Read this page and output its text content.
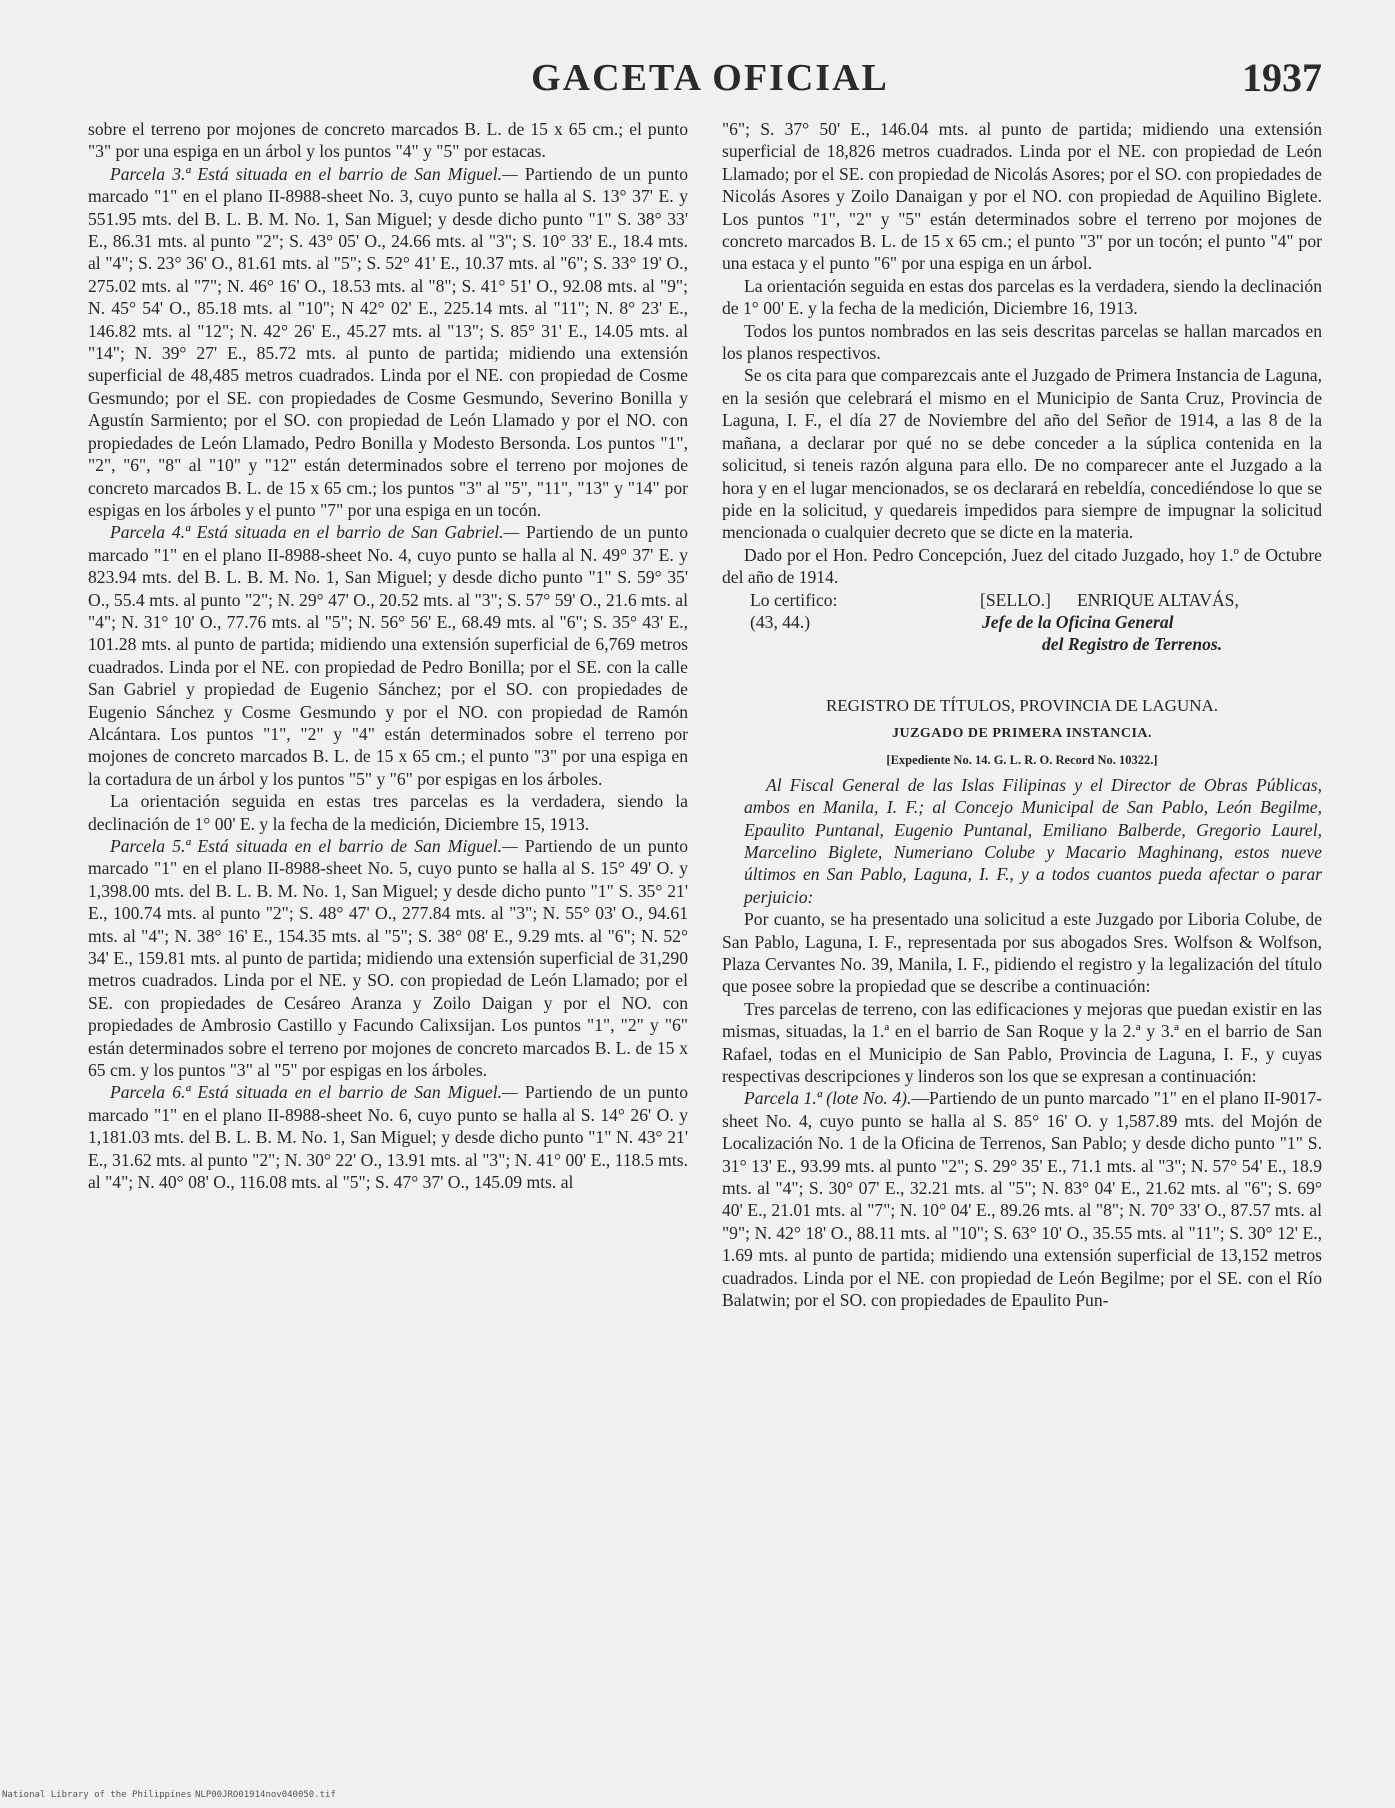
GACETA OFICIAL	1937

sobre el terreno por mojones de concreto marcados B. L. de 15 x 65 cm.; el punto "3" por una espiga en un árbol y los puntos "4" y "5" por estacas.

Parcela 3.ª Está situada en el barrio de San Miguel.— Partiendo de un punto marcado "1" en el plano II-8988-sheet No. 3, cuyo punto se halla al S. 13° 37' E. y 551.95 mts. del B. L. B. M. No. 1, San Miguel; y desde dicho punto "1" S. 38° 33' E., 86.31 mts. al punto "2"; S. 43° 05' O., 24.66 mts. al "3"; S. 10° 33' E., 18.4 mts. al "4"; S. 23° 36' O., 81.61 mts. al "5"; S. 52° 41' E., 10.37 mts. al "6"; S. 33° 19' O., 275.02 mts. al "7"; N. 46° 16' O., 18.53 mts. al "8"; S. 41° 51' O., 92.08 mts. al "9"; N. 45° 54' O., 85.18 mts. al "10"; N 42° 02' E., 225.14 mts. al "11"; N. 8° 23' E., 146.82 mts. al "12"; N. 42° 26' E., 45.27 mts. al "13"; S. 85° 31' E., 14.05 mts. al "14"; N. 39° 27' E., 85.72 mts. al punto de partida; midiendo una extensión superficial de 48,485 metros cuadrados. Linda por el NE. con propiedad de Cosme Gesmundo; por el SE. con propiedades de Cosme Gesmundo, Severino Bonilla y Agustín Sarmiento; por el SO. con propiedad de León Llamado y por el NO. con propiedades de León Llamado, Pedro Bonilla y Modesto Bersonda. Los puntos "1", "2", "6", "8" al "10" y "12" están determinados sobre el terreno por mojones de concreto marcados B. L. de 15 x 65 cm.; los puntos "3" al "5", "11", "13" y "14" por espigas en los árboles y el punto "7" por una espiga en un tocón.

Parcela 4.ª Está situada en el barrio de San Gabriel.— Partiendo de un punto marcado "1" en el plano II-8988-sheet No. 4, cuyo punto se halla al N. 49° 37' E. y 823.94 mts. del B. L. B. M. No. 1, San Miguel; y desde dicho punto "1" S. 59° 35' O., 55.4 mts. al punto "2"; N. 29° 47' O., 20.52 mts. al "3"; S. 57° 59' O., 21.6 mts. al "4"; N. 31° 10' O., 77.76 mts. al "5"; N. 56° 56' E., 68.49 mts. al "6"; S. 35° 43' E., 101.28 mts. al punto de partida; midiendo una extensión superficial de 6,769 metros cuadrados. Linda por el NE. con propiedad de Pedro Bonilla; por el SE. con la calle San Gabriel y propiedad de Eugenio Sánchez; por el SO. con propiedades de Eugenio Sánchez y Cosme Gesmundo y por el NO. con propiedad de Ramón Alcántara. Los puntos "1", "2" y "4" están determinados sobre el terreno por mojones de concreto marcados B. L. de 15 x 65 cm.; el punto "3" por una espiga en la cortadura de un árbol y los puntos "5" y "6" por espigas en los árboles.

La orientación seguida en estas tres parcelas es la verdadera, siendo la declinación de 1° 00' E. y la fecha de la medición, Diciembre 15, 1913.

Parcela 5.ª Está situada en el barrio de San Miguel.— Partiendo de un punto marcado "1" en el plano II-8988-sheet No. 5, cuyo punto se halla al S. 15° 49' O. y 1,398.00 mts. del B. L. B. M. No. 1, San Miguel; y desde dicho punto "1" S. 35° 21' E., 100.74 mts. al punto "2"; S. 48° 47' O., 277.84 mts. al "3"; N. 55° 03' O., 94.61 mts. al "4"; N. 38° 16' E., 154.35 mts. al "5"; S. 38° 08' E., 9.29 mts. al "6"; N. 52° 34' E., 159.81 mts. al punto de partida; midiendo una extensión superficial de 31,290 metros cuadrados. Linda por el NE. y SO. con propiedad de León Llamado; por el SE. con propiedades de Cesáreo Aranza y Zoilo Daigan y por el NO. con propiedades de Ambrosio Castillo y Facundo Calixsijan. Los puntos "1", "2" y "6" están determinados sobre el terreno por mojones de concreto marcados B. L. de 15 x 65 cm. y los puntos "3" al "5" por espigas en los árboles.

Parcela 6.ª Está situada en el barrio de San Miguel.— Partiendo de un punto marcado "1" en el plano II-8988-sheet No. 6, cuyo punto se halla al S. 14° 26' O. y 1,181.03 mts. del B. L. B. M. No. 1, San Miguel; y desde dicho punto "1" N. 43° 21' E., 31.62 mts. al punto "2"; N. 30° 22' O., 13.91 mts. al "3"; N. 41° 00' E., 118.5 mts. al "4"; N. 40° 08' O., 116.08 mts. al "5"; S. 47° 37' O., 145.09 mts. al

"6"; S. 37° 50' E., 146.04 mts. al punto de partida; midiendo una extensión superficial de 18,826 metros cuadrados. Linda por el NE. con propiedad de León Llamado; por el SE. con propiedad de Nicolás Asores; por el SO. con propiedades de Nicolás Asores y Zoilo Danaigan y por el NO. con propiedad de Aquilino Biglete. Los puntos "1", "2" y "5" están determinados sobre el terreno por mojones de concreto marcados B. L. de 15 x 65 cm.; el punto "3" por un tocón; el punto "4" por una estaca y el punto "6" por una espiga en un árbol.

La orientación seguida en estas dos parcelas es la verdadera, siendo la declinación de 1° 00' E. y la fecha de la medición, Diciembre 16, 1913.

Todos los puntos nombrados en las seis descritas parcelas se hallan marcados en los planos respectivos.

Se os cita para que comparezcais ante el Juzgado de Primera Instancia de Laguna, en la sesión que celebrará el mismo en el Municipio de Santa Cruz, Provincia de Laguna, I. F., el día 27 de Noviembre del año del Señor de 1914, a las 8 de la mañana, a declarar por qué no se debe conceder a la súplica contenida en la solicitud, si teneis razón alguna para ello. De no comparecer ante el Juzgado a la hora y en el lugar mencionados, se os declarará en rebeldía, concediéndose lo que se pide en la solicitud, y quedareis impedidos para siempre de impugnar la solicitud mencionada o cualquier decreto que se dicte en la materia.

Dado por el Hon. Pedro Concepción, Juez del citado Juzgado, hoy 1.º de Octubre del año de 1914.

Lo certifico:	[SELLO.] ENRIQUE ALTAVÁS,
(43, 44.)	Jefe de la Oficina General
del Registro de Terrenos.
REGISTRO DE TÍTULOS, PROVINCIA DE LAGUNA.
JUZGADO DE PRIMERA INSTANCIA.
[Expediente No. 14. G. L. R. O. Record No. 10322.]

Al Fiscal General de las Islas Filipinas y el Director de Obras Públicas, ambos en Manila, I. F.; al Concejo Municipal de San Pablo, León Begilme, Epaulito Puntanal, Eugenio Puntanal, Emiliano Balberde, Gregorio Laurel, Marcelino Biglete, Numeriano Colube y Macario Maghinang, estos nueve últimos en San Pablo, Laguna, I. F., y a todos cuantos pueda afectar o parar perjuicio:

Por cuanto, se ha presentado una solicitud a este Juzgado por Liboria Colube, de San Pablo, Laguna, I. F., representada por sus abogados Sres. Wolfson & Wolfson, Plaza Cervantes No. 39, Manila, I. F., pidiendo el registro y la legalización del título que posee sobre la propiedad que se describe a continuación:

Tres parcelas de terreno, con las edificaciones y mejoras que puedan existir en las mismas, situadas, la 1.ª en el barrio de San Roque y la 2.ª y 3.ª en el barrio de San Rafael, todas en el Municipio de San Pablo, Provincia de Laguna, I. F., y cuyas respectivas descripciones y linderos son los que se expresan a continuación:

Parcela 1.ª (lote No. 4).—Partiendo de un punto marcado "1" en el plano II-9017-sheet No. 4, cuyo punto se halla al S. 85° 16' O. y 1,587.89 mts. del Mojón de Localización No. 1 de la Oficina de Terrenos, San Pablo; y desde dicho punto "1" S. 31° 13' E., 93.99 mts. al punto "2"; S. 29° 35' E., 71.1 mts. al "3"; N. 57° 54' E., 18.9 mts. al "4"; S. 30° 07' E., 32.21 mts. al "5"; N. 83° 04' E., 21.62 mts. al "6"; S. 69° 40' E., 21.01 mts. al "7"; N. 10° 04' E., 89.26 mts. al "8"; N. 70° 33' O., 87.57 mts. al "9"; N. 42° 18' O., 88.11 mts. al "10"; S. 63° 10' O., 35.55 mts. al "11"; S. 30° 12' E., 1.69 mts. al punto de partida; midiendo una extensión superficial de 13,152 metros cuadrados. Linda por el NE. con propiedad de León Begilme; por el SE. con el Río Balatwin; por el SO. con propiedades de Epaulito Pun-

National Library of the Philippines NLP00JRO01914nov040050.tif
